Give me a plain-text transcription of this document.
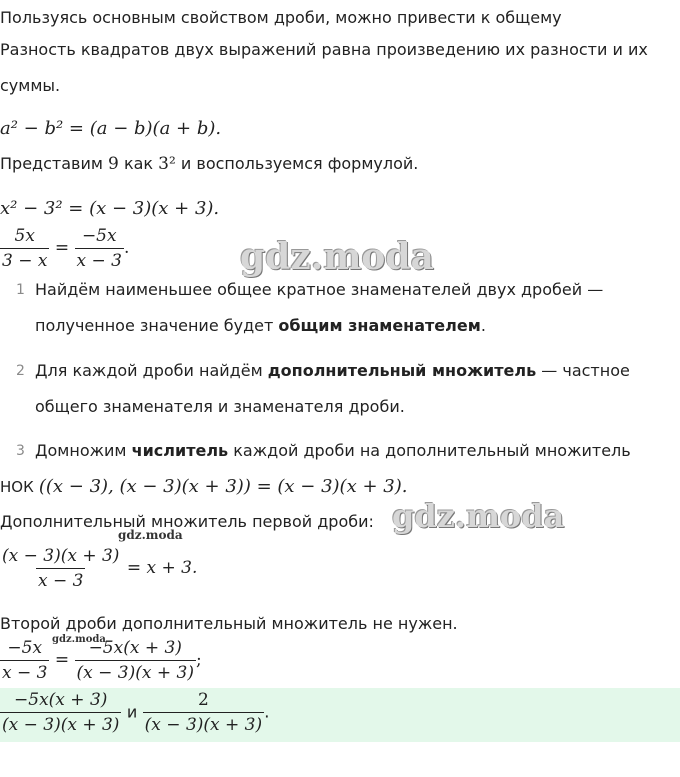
Пользуясь основным свойством дроби, можно привести к общему
Разность квадратов двух выражений равна произведению их разности и их
суммы.
a² − b² = (a − b)(a + b).
Представим 9 как 3² и воспользуемся формулой.
x² − 3² = (x − 3)(x + 3).
$\frac{5x}{3 - x} = \frac{-5x}{x - 3}$ .	gdz.moda
1 Найдём наименьшее общее кратное знаменателей двух дробей —
полученное значение будет общим знаменателем.
2 Для каждой дроби найдём дополнительный множитель — частное
общего знаменателя и знаменателя дроби.
3 Домножим числитель каждой дроби на дополнительный множитель
НОК ((x − 3), (x − 3)(x + 3)) = (x − 3)(x + 3).
Дополнительный множитель первой дроби: gdz.moda
gdz.moda
$\frac{(x - 3)(x + 3)}{x - 3} = x + 3$.
Второй дроби дополнительный множитель не нужен.
$\frac{-5x}{x - 3} = \frac{-5x(x + 3)}{(x - 3)(x + 3)}$ ;
gdz.moda
$\frac{-5x(x + 3)}{(x - 3)(x + 3)}$ и $\frac{2}{(x - 3)(x + 3)}$ .
